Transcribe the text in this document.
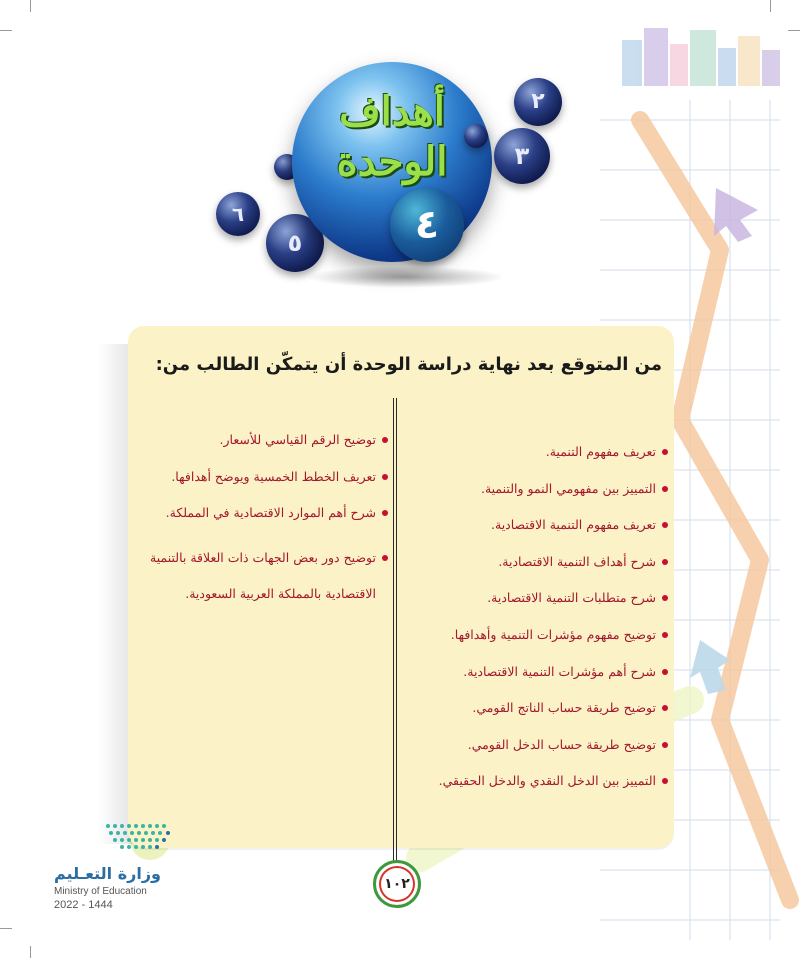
٦
٥
أهداف
الوحدة
٢
٣
٤
من المتوقع بعد نهاية دراسة الوحدة أن يتمكّن الطالب من:
تعريف مفهوم التنمية.
التمييز بين مفهومي النمو والتنمية.
تعريف مفهوم التنمية الاقتصادية.
شرح أهداف التنمية الاقتصادية.
شرح متطلبات التنمية الاقتصادية.
توضيح مفهوم مؤشرات التنمية وأهدافها.
شرح أهم مؤشرات التنمية الاقتصادية.
توضيح طريقة حساب الناتج القومي.
توضيح طريقة حساب الدخل القومي.
التمييز بين الدخل النقدي والدخل الحقيقي.
توضيح الرقم القياسي للأسعار.
تعريف الخطط الخمسية ويوضح أهدافها.
شرح أهم الموارد الاقتصادية في المملكة.
توضيح دور بعض الجهات ذات العلاقة بالتنمية الاقتصادية بالمملكة العربية السعودية.
وزارة التعـليم
Ministry of Education
2022 - 1444
١٠٢
